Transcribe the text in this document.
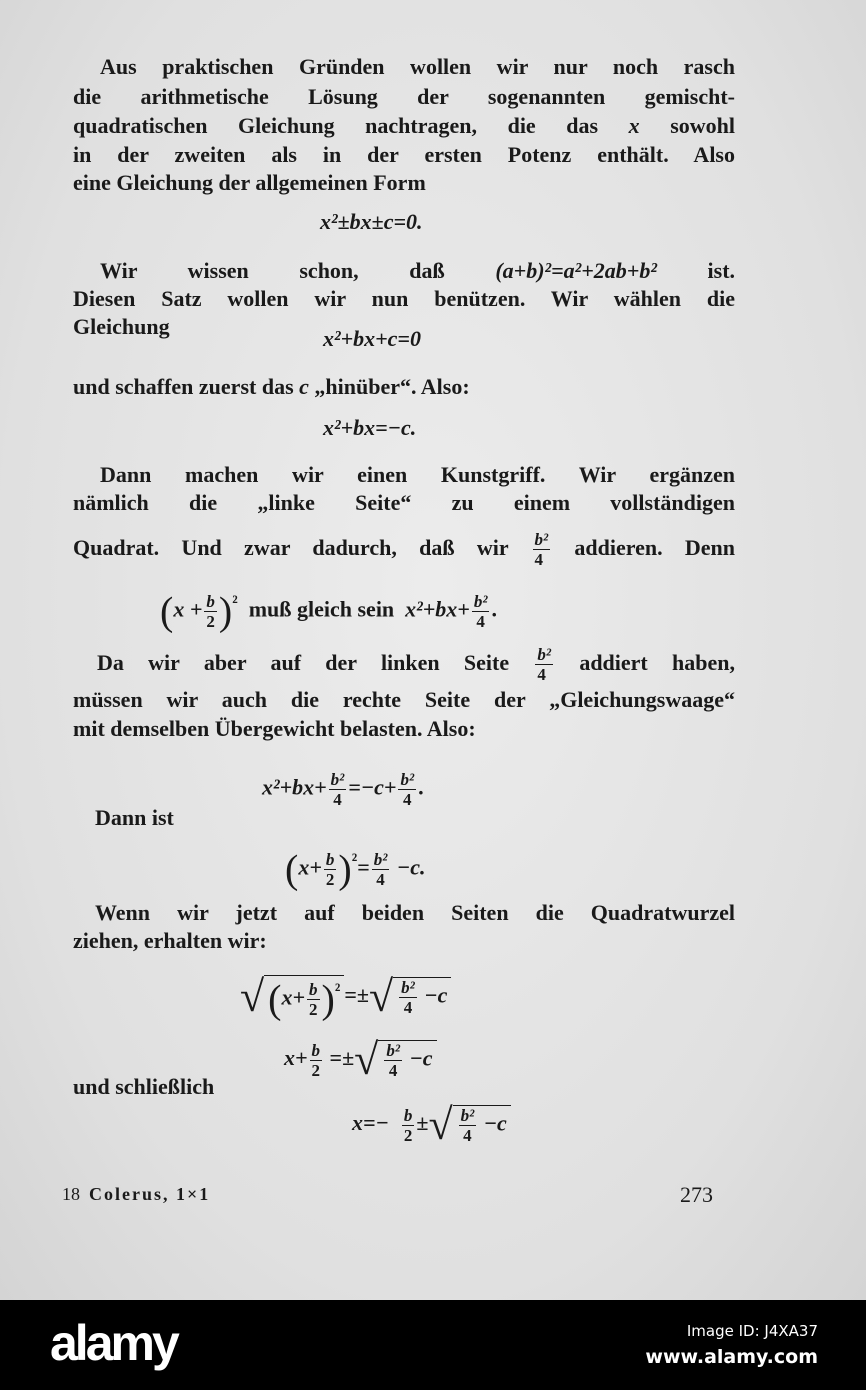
Aus praktischen Gründen wollen wir nur noch rasch
die arithmetische Lösung der sogenannten gemischt-
quadratischen Gleichung nachtragen, die das x sowohl
in der zweiten als in der ersten Potenz enthält. Also
eine Gleichung der allgemeinen Form
x²±bx±c=0.
Wir wissen schon, daß (a+b)²=a²+2ab+b² ist.
Diesen Satz wollen wir nun benützen. Wir wählen die
Gleichung	x²+bx+c=0
und schaffen zuerst das c „hinüber“. Also:
x²+bx=−c.
Dann machen wir einen Kunstgriff. Wir ergänzen
nämlich die „linke Seite“ zu einem vollständigen
Quadrat. Und zwar dadurch, daß wir $\frac{\text{b²}}{4}$ addieren. Denn
$(x + \frac{b}{2} )^{^2}$ muß gleich sein $x^2+bx+ \frac{\text{b²}}{4}$ .
Da wir aber auf der linken Seite $\frac{\text{b²}}{4}$ addiert haben,
müssen wir auch die rechte Seite der „Gleichungswaage“
mit demselben Übergewicht belasten. Also:
$x^2+bx+ \frac{\text{b²}}{4} =-c+ \frac{\text{b²}}{4}$ .
Dann ist
$(x+ \frac{b}{2} )^{^2}= \frac{\text{b²}}{4} -c$.
Wenn wir jetzt auf beiden Seiten die Quadratwurzel
ziehen, erhalten wir:
√ $(x+ \frac{b}{2} )^{^2}$ =±√ $\frac{\text{b²}}{4} -c$
$x+ \frac{b}{2}$ =±√ $\frac{\text{b²}}{4} -c$
und schließlich
$x=- \frac{b}{2}$ ±√ $\frac{\text{b²}}{4} -c$
18 Colerus, 1×1	273
alamy	Image ID: J4XA37
www.alamy.com
